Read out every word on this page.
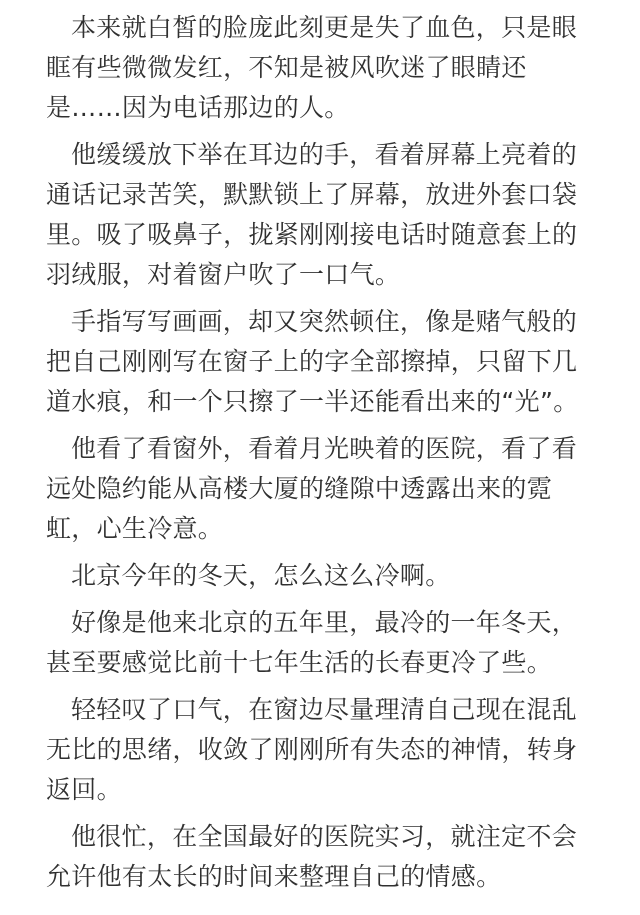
本来就白皙的脸庞此刻更是失了血色，只是眼
眶有些微微发红，不知是被风吹迷了眼睛还
是……因为电话那边的人。
他缓缓放下举在耳边的手，看着屏幕上亮着的
通话记录苦笑，默默锁上了屏幕，放进外套口袋
里。吸了吸鼻子，拢紧刚刚接电话时随意套上的
羽绒服，对着窗户吹了一口气。
手指写写画画，却又突然顿住，像是赌气般的
把自己刚刚写在窗子上的字全部擦掉，只留下几
道水痕，和一个只擦了一半还能看出来的“光”。
他看了看窗外，看着月光映着的医院，看了看
远处隐约能从高楼大厦的缝隙中透露出来的霓
虹，心生冷意。
北京今年的冬天，怎么这么冷啊。
好像是他来北京的五年里，最冷的一年冬天，
甚至要感觉比前十七年生活的长春更冷了些。
轻轻叹了口气，在窗边尽量理清自己现在混乱
无比的思绪，收敛了刚刚所有失态的神情，转身
返回。
他很忙，在全国最好的医院实习，就注定不会
允许他有太长的时间来整理自己的情感。
